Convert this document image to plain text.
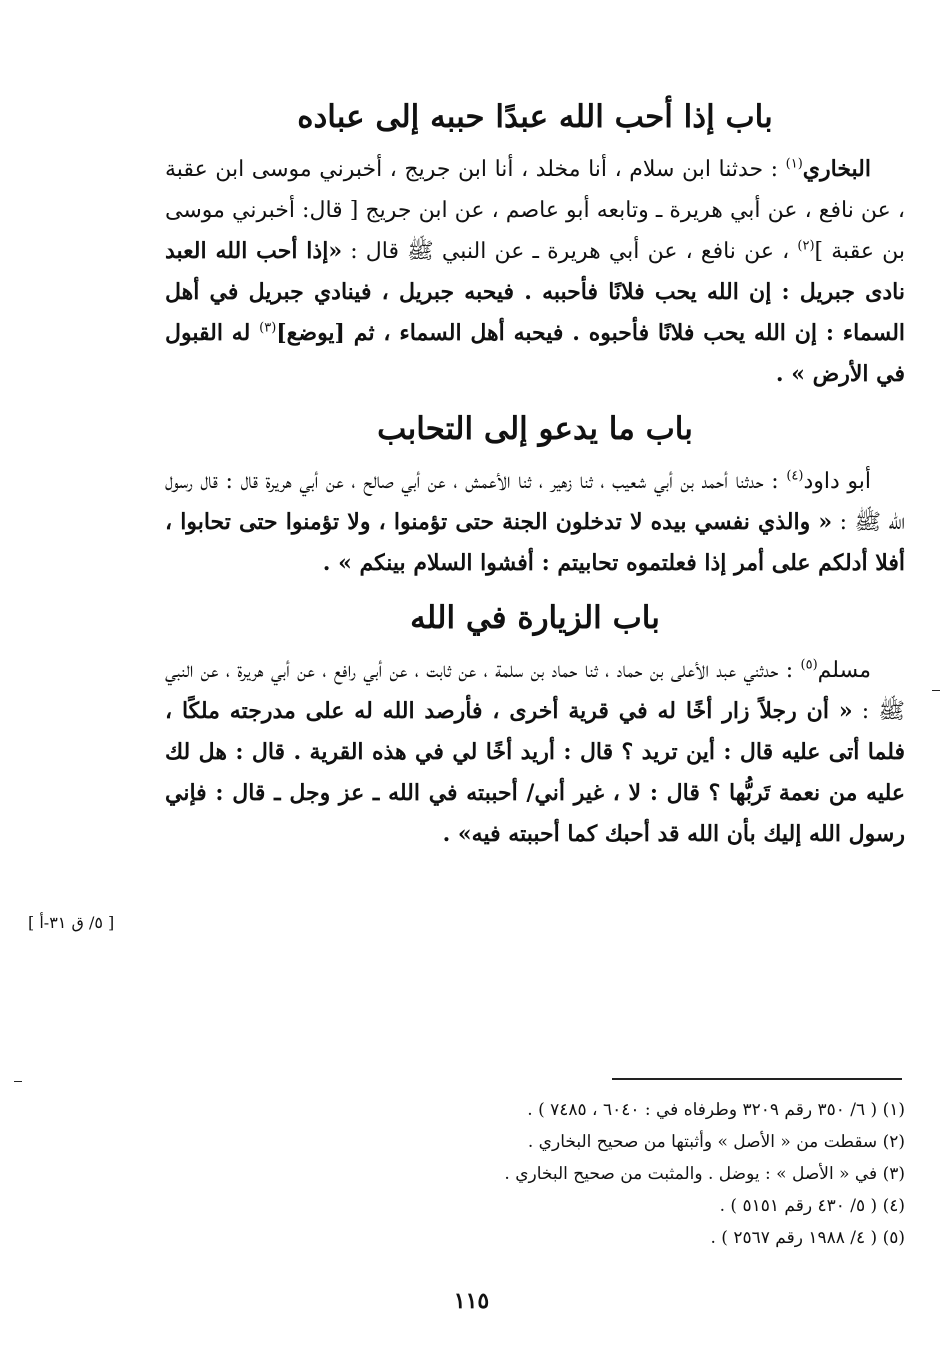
باب إذا أحب الله عبدًا حببه إلى عباده

البخاري$^{(١)}$ : حدثنا ابن سلام ، أنا مخلد ، أنا ابن جريج ، أخبرني موسى ابن عقبة ، عن نافع ، عن أبي هريرة ـ وتابعه أبو عاصم ، عن ابن جريج [ قال: أخبرني موسى بن عقبة ]$^{(٢)}$ ، عن نافع ، عن أبي هريرة ـ عن النبي ﷺ قال : «إذا أحب الله العبد نادى جبريل : إن الله يحب فلانًا فأحببه . فيحبه جبريل ، فينادي جبريل في أهل السماء : إن الله يحب فلانًا فأحبوه . فيحبه أهل السماء ، ثم [يوضع]$^{(٣)}$ له القبول في الأرض » .

باب ما يدعو إلى التحابب

أبو داود$^{(٤)}$ : حدثنا أحمد بن أبي شعيب ، ثنا زهير ، ثنا الأعمش ، عن أبي صالح ، عن أبي هريرة قال : قال رسول الله ﷺ : « والذي نفسي بيده لا تدخلون الجنة حتى تؤمنوا ، ولا تؤمنوا حتى تحابوا ، أفلا أدلكم على أمر إذا فعلتموه تحابيتم : أفشوا السلام بينكم » .

باب الزيارة في الله

مسلم$^{(٥)}$ : حدثني عبد الأعلى بن حماد ، ثنا حماد بن سلمة ، عن ثابت ، عن أبي رافع ، عن أبي هريرة ، عن النبي ﷺ : « أن رجلاً زار أخًا له في قرية أخرى ، فأرصد الله له على مدرجته ملكًا ، فلما أتى عليه قال : أين تريد ؟ قال : أريد أخًا لي في هذه القرية . قال : هل لك عليه من نعمة تَربُّها ؟ قال : لا ، غير أني/ أحببته في الله ـ عز وجل ـ قال : فإني رسول الله إليك بأن الله قد أحبك كما أحببته فيه» .

[ ٥/ ق ٣١-أ ]
(١) ( ٦/ ٣٥٠ رقم ٣٢٠٩ وطرفاه في : ٦٠٤٠ ، ٧٤٨٥ ) .
(٢) سقطت من « الأصل » وأثبتها من صحيح البخاري .
(٣) في « الأصل » : يوضل . والمثبت من صحيح البخاري .
(٤) ( ٥/ ٤٣٠ رقم ٥١٥١ ) .
(٥) ( ٤/ ١٩٨٨ رقم ٢٥٦٧ ) .
١١٥
